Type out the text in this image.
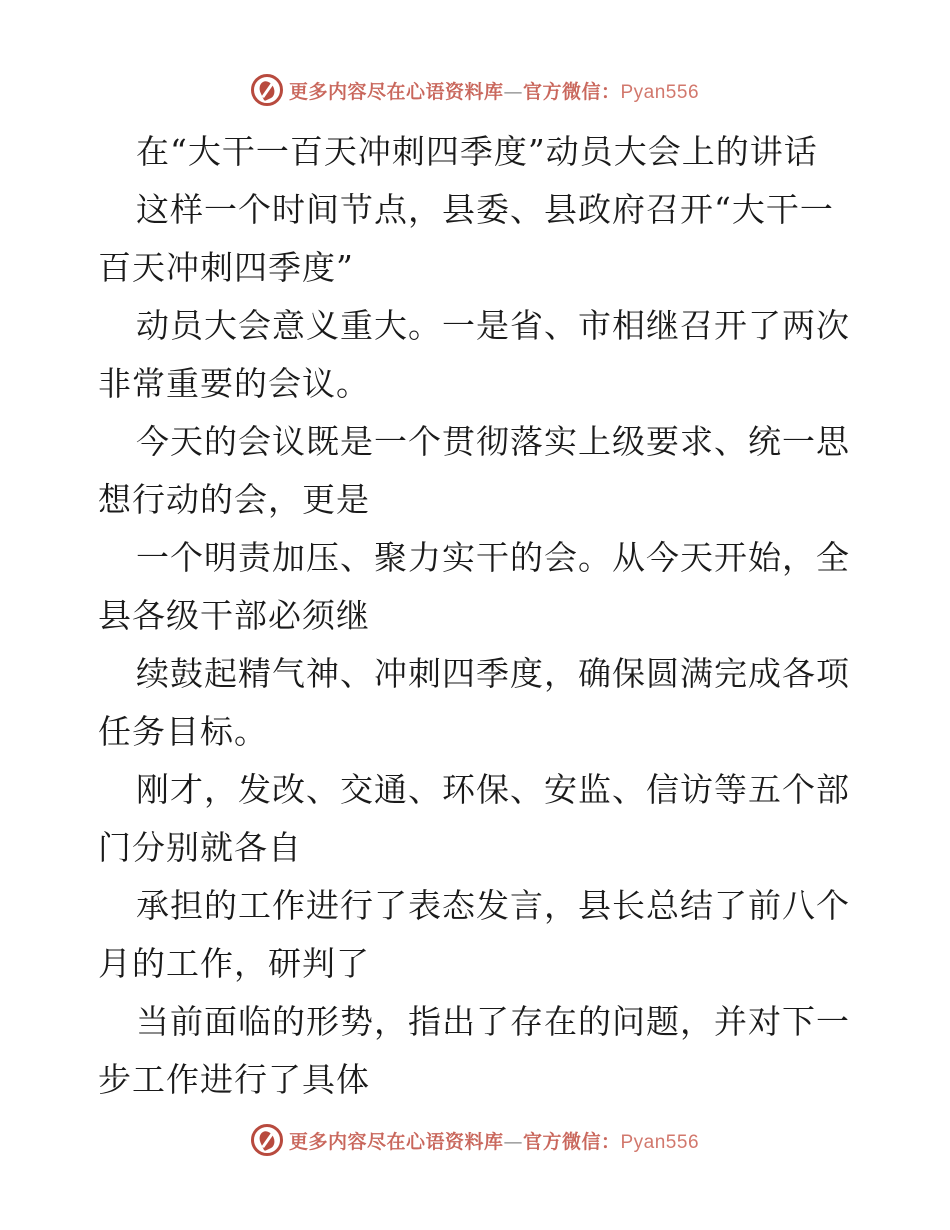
更多内容尽在心语资料库—官方微信：Pyan556
在“大干一百天冲刺四季度”动员大会上的讲话
这样一个时间节点，县委、县政府召开“大干一
百天冲刺四季度”
动员大会意义重大。一是省、市相继召开了两次
非常重要的会议。
今天的会议既是一个贯彻落实上级要求、统一思
想行动的会，更是
一个明责加压、聚力实干的会。从今天开始，全
县各级干部必须继
续鼓起精气神、冲刺四季度，确保圆满完成各项
任务目标。
刚才，发改、交通、环保、安监、信访等五个部
门分别就各自
承担的工作进行了表态发言，县长总结了前八个
月的工作，研判了
当前面临的形势，指出了存在的问题，并对下一
步工作进行了具体
更多内容尽在心语资料库—官方微信：Pyan556
